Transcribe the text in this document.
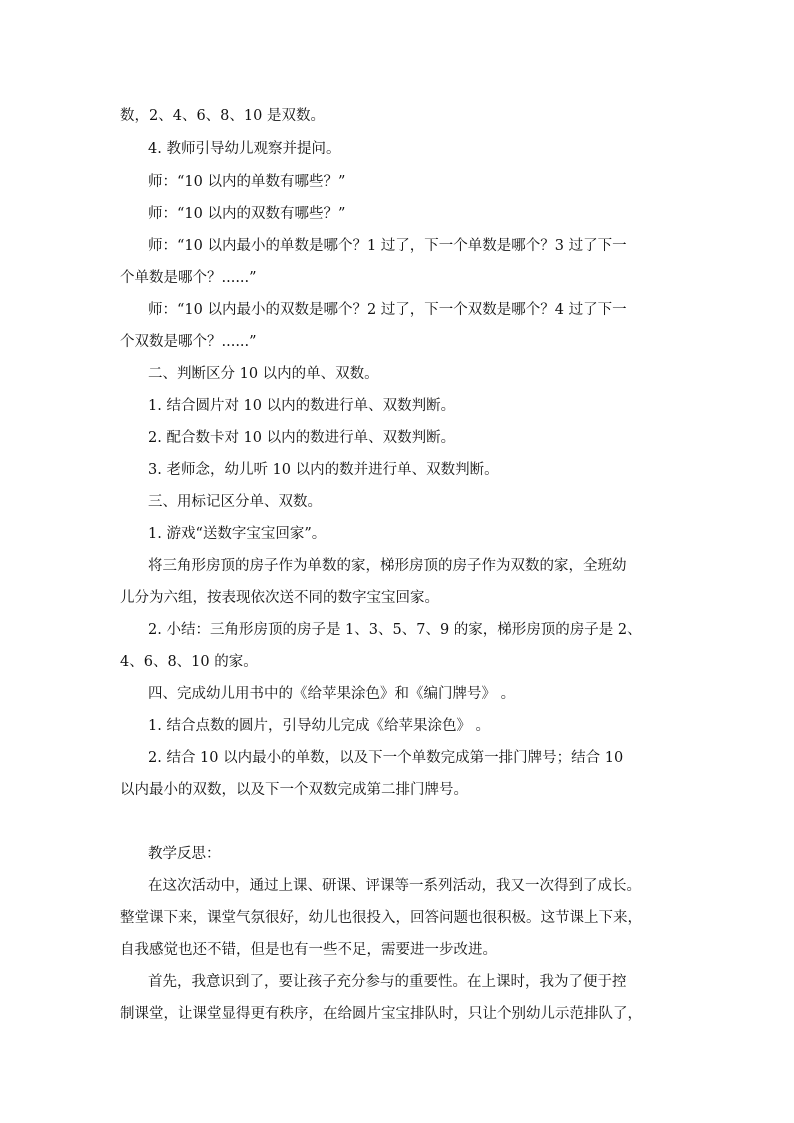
数，2、4、6、8、10 是双数。
4. 教师引导幼儿观察并提问。
师：“10 以内的单数有哪些？”
师：“10 以内的双数有哪些？”
师：“10 以内最小的单数是哪个？1 过了，下一个单数是哪个？3 过了下一
个单数是哪个？......”
师：“10 以内最小的双数是哪个？2 过了，下一个双数是哪个？4 过了下一
个双数是哪个？......”
二、判断区分 10 以内的单、双数。
1. 结合圆片对 10 以内的数进行单、双数判断。
2. 配合数卡对 10 以内的数进行单、双数判断。
3. 老师念，幼儿听 10 以内的数并进行单、双数判断。
三、用标记区分单、双数。
1. 游戏“送数字宝宝回家”。
将三角形房顶的房子作为单数的家，梯形房顶的房子作为双数的家，全班幼
儿分为六组，按表现依次送不同的数字宝宝回家。
2. 小结：三角形房顶的房子是 1、3、5、7、9 的家，梯形房顶的房子是 2、
4、6、8、10 的家。
四、完成幼儿用书中的《给苹果涂色》和《编门牌号》 。
1. 结合点数的圆片，引导幼儿完成《给苹果涂色》 。
2. 结合 10 以内最小的单数，以及下一个单数完成第一排门牌号；结合 10
以内最小的双数，以及下一个双数完成第二排门牌号。
教学反思：
在这次活动中，通过上课、研课、评课等一系列活动，我又一次得到了成长。
整堂课下来，课堂气氛很好，幼儿也很投入，回答问题也很积极。这节课上下来，
自我感觉也还不错，但是也有一些不足，需要进一步改进。
首先，我意识到了，要让孩子充分参与的重要性。在上课时，我为了便于控
制课堂，让课堂显得更有秩序，在给圆片宝宝排队时，只让个别幼儿示范排队了，
